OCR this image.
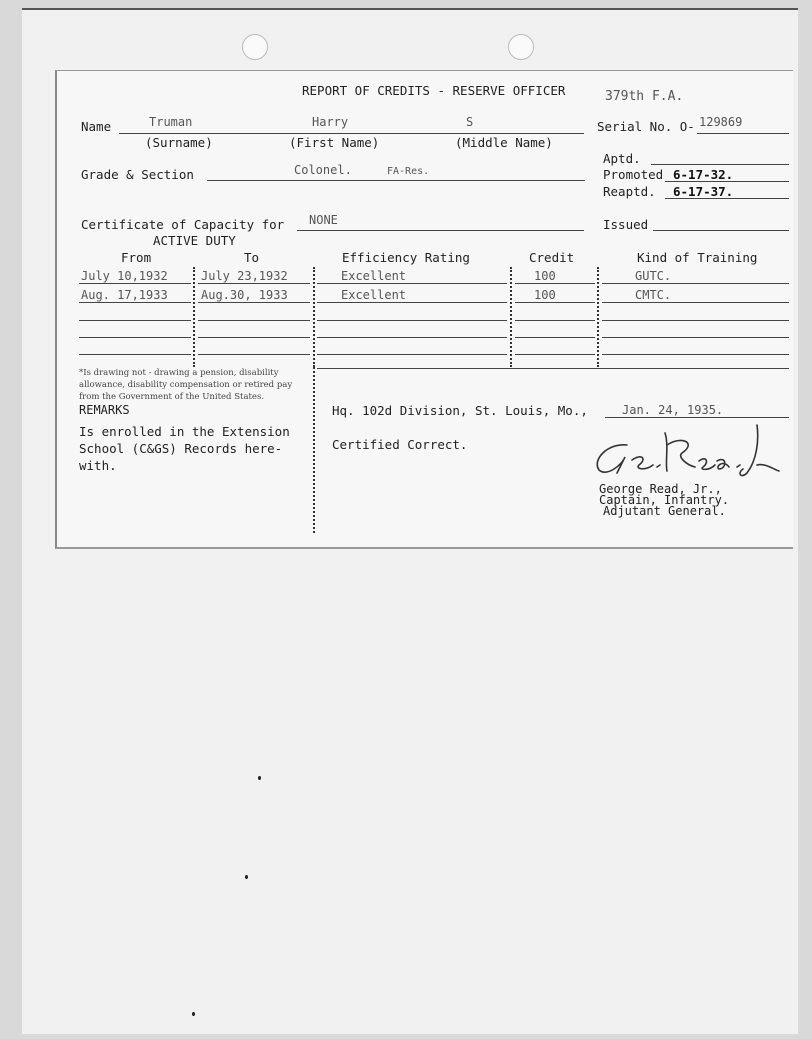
REPORT OF CREDITS - RESERVE OFFICER	379th F.A.
Name	Truman	Harry	S	Serial No. O- 129869
(Surname)	(First Name)	(Middle Name)
Aptd.
Grade & Section	Colonel.	FA-Res.	Promoted 6-17-32.
Reaptd. 6-17-37.
Certificate of Capacity for NONE	Issued
ACTIVE DUTY
From	To	Efficiency Rating	Credit	Kind of Training
July 10,1932	July 23,1932	Excellent	100	GUTC.
Aug. 17,1933	Aug.30, 1933	Excellent	100	CMTC.
*Is drawing not - drawing a pension, disability allowance, disability compensation or retired pay from the Government of the United States.
REMARKS
Is enrolled in the Extension School (C&GS) Records here-with.
Hq. 102d Division, St. Louis, Mo.,	Jan. 24, 1935.
Certified Correct.
George Read, Jr.,
Captain, Infantry.
Adjutant General.
